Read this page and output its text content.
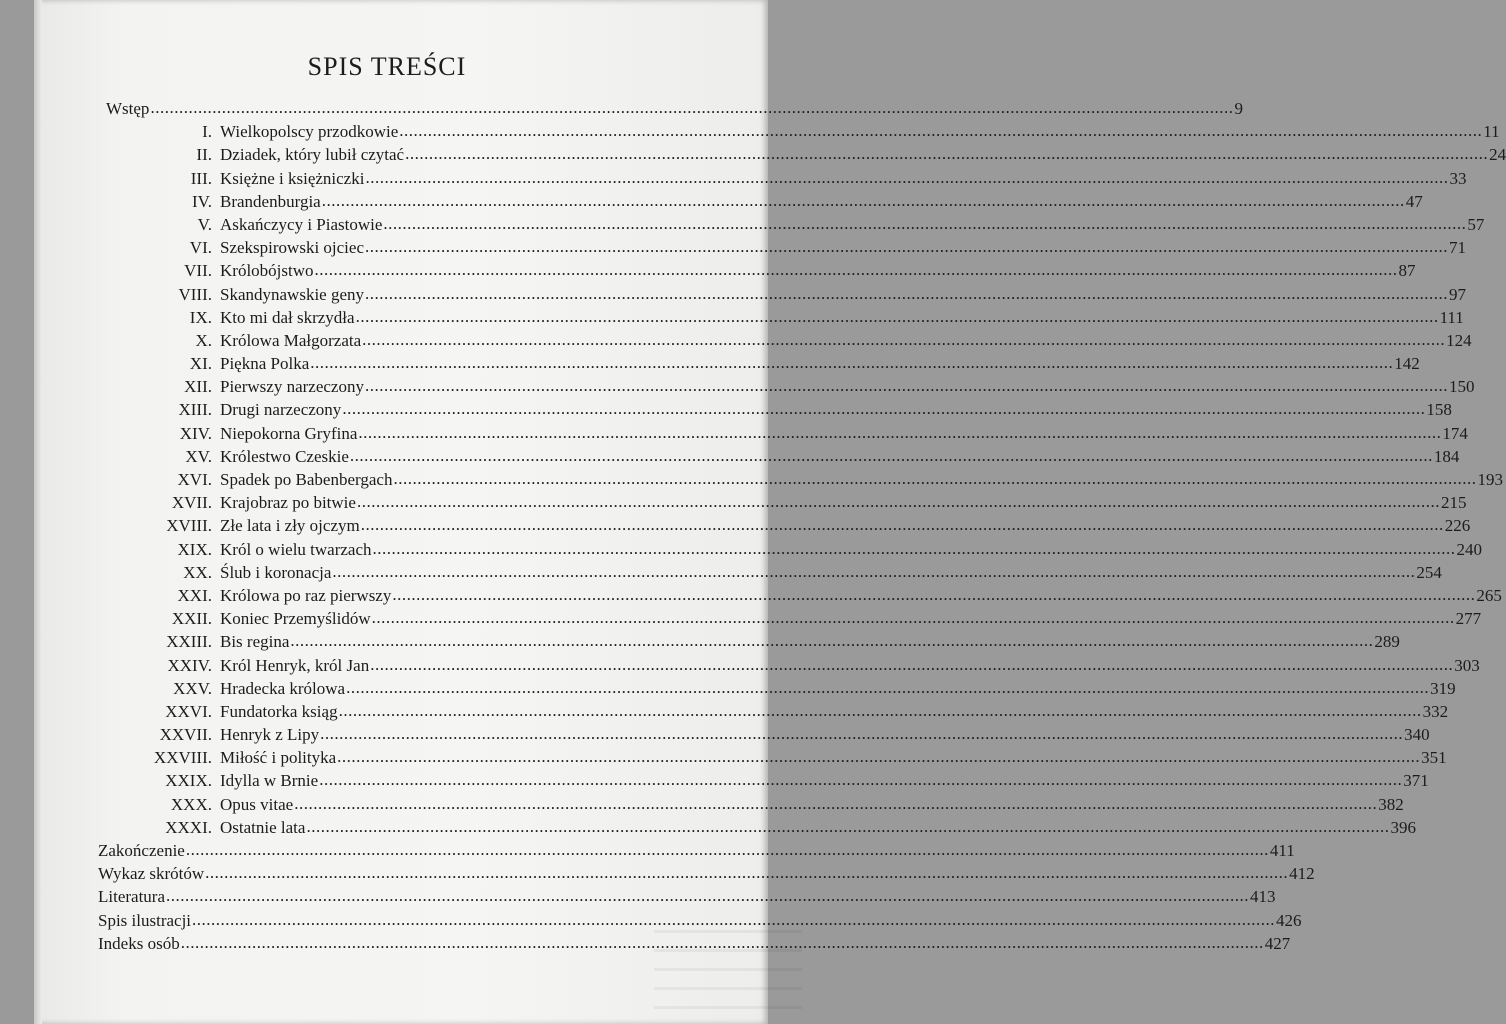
SPIS TREŚCI
Wstęp .....	9
I. Wielkopolscy przodkowie .....	11
II. Dziadek, który lubił czytać .....	24
III. Księżne i księżniczki .....	33
IV. Brandenburgia .....	47
V. Askańczycy i Piastowie .....	57
VI. Szekspirowski ojciec .....	71
VII. Królobójstwo .....	87
VIII. Skandynawskie geny .....	97
IX. Kto mi dał skrzydła .....	111
X. Królowa Małgorzata .....	124
XI. Piękna Polka .....	142
XII. Pierwszy narzeczony .....	150
XIII. Drugi narzeczony .....	158
XIV. Niepokorna Gryfina .....	174
XV. Królestwo Czeskie .....	184
XVI. Spadek po Babenbergach .....	193
XVII. Krajobraz po bitwie .....	215
XVIII. Złe lata i zły ojczym .....	226
XIX. Król o wielu twarzach .....	240
XX. Ślub i koronacja .....	254
XXI. Królowa po raz pierwszy .....	265
XXII. Koniec Przemyślidów .....	277
XXIII. Bis regina .....	289
XXIV. Król Henryk, król Jan .....	303
XXV. Hradecka królowa .....	319
XXVI. Fundatorka ksiąg .....	332
XXVII. Henryk z Lipy .....	340
XXVIII. Miłość i polityka .....	351
XXIX. Idylla w Brnie .....	371
XXX. Opus vitae .....	382
XXXI. Ostatnie lata .....	396
Zakończenie .....	411
Wykaz skrótów .....	412
Literatura .....	413
Spis ilustracji .....	426
Indeks osób .....	427
